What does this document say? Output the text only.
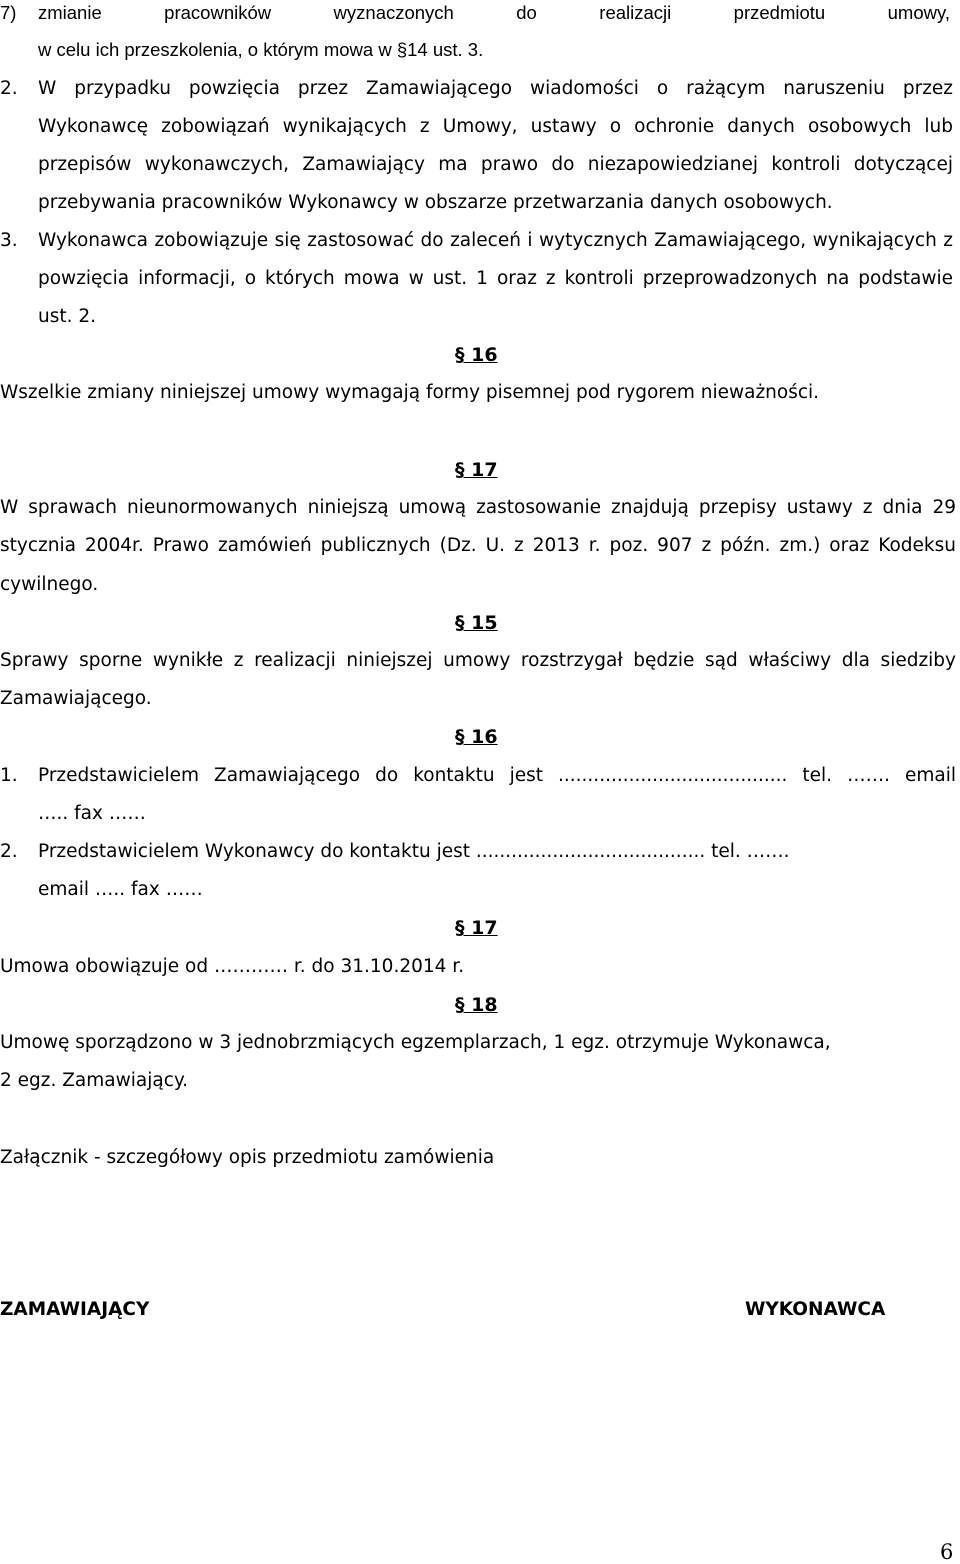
7) zmianie pracowników wyznaczonych do realizacji przedmiotu umowy,
w celu ich przeszkolenia, o którym mowa w §14 ust. 3.
2. W przypadku powzięcia przez Zamawiającego wiadomości o rażącym naruszeniu przez
Wykonawcę zobowiązań wynikających z Umowy, ustawy o ochronie danych osobowych lub
przepisów wykonawczych, Zamawiający ma prawo do niezapowiedzianej kontroli dotyczącej
przebywania pracowników Wykonawcy w obszarze przetwarzania danych osobowych.
3. Wykonawca zobowiązuje się zastosować do zaleceń i wytycznych Zamawiającego, wynikających z
powzięcia informacji, o których mowa w ust. 1 oraz z kontroli przeprowadzonych na podstawie
ust. 2.
§ 16
Wszelkie zmiany niniejszej umowy wymagają formy pisemnej pod rygorem nieważności.
§ 17
W sprawach nieunormowanych niniejszą umową zastosowanie znajdują przepisy ustawy z dnia 29
stycznia 2004r. Prawo zamówień publicznych (Dz. U. z 2013 r. poz. 907 z późn. zm.) oraz Kodeksu
cywilnego.
§ 15
Sprawy sporne wynikłe z realizacji niniejszej umowy rozstrzygał będzie sąd właściwy dla siedziby
Zamawiającego.
§ 16
1. Przedstawicielem Zamawiającego do kontaktu jest ....................................... tel. ……. email
….. fax ……
2. Przedstawicielem Wykonawcy do kontaktu jest ....................................... tel. …….
email ….. fax ……
§ 17
Umowa obowiązuje od ………… r. do 31.10.2014 r.
§ 18
Umowę sporządzono w 3 jednobrzmiących egzemplarzach, 1 egz. otrzymuje Wykonawca,
2 egz. Zamawiający.
Załącznik - szczegółowy opis przedmiotu zamówienia
ZAMAWIAJĄCY	WYKONAWCA
6
